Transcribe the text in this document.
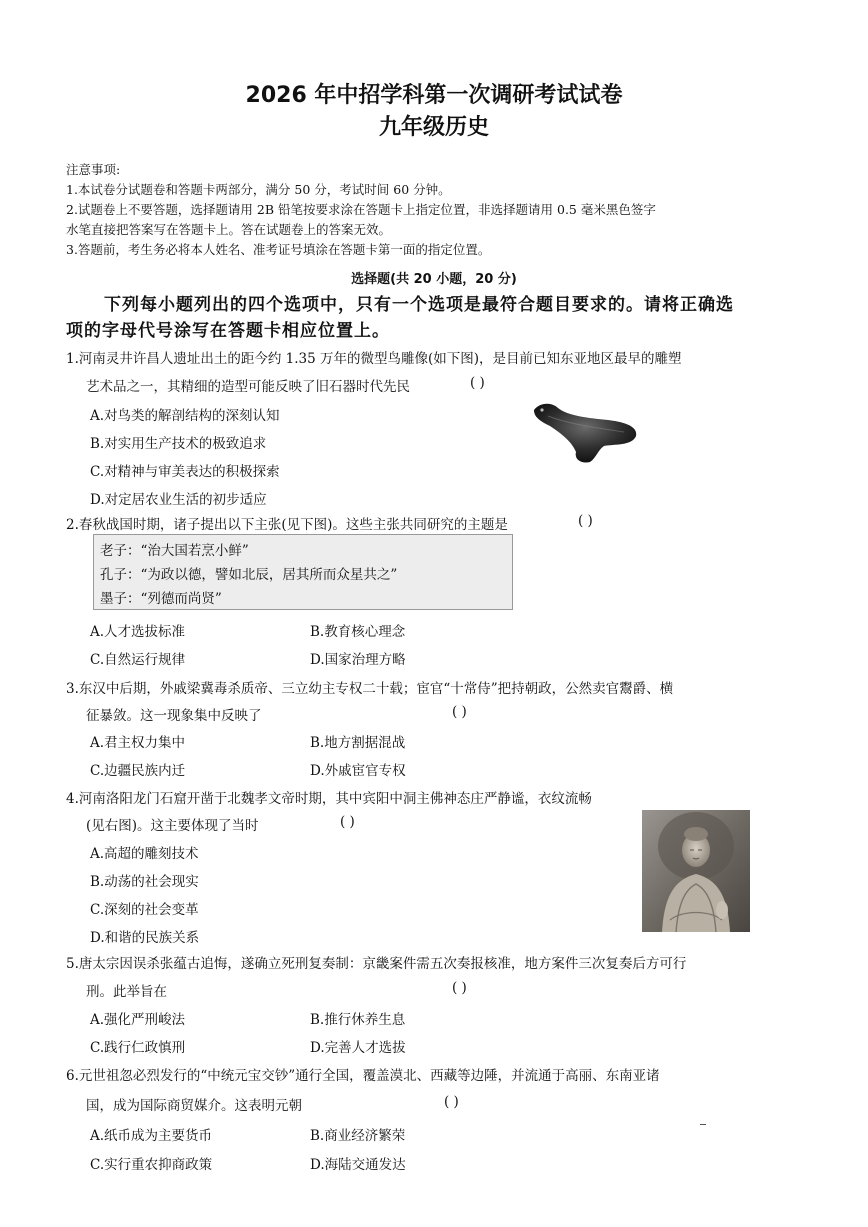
2026 年中招学科第一次调研考试试卷
九年级历史
注意事项:
1.本试卷分试题卷和答题卡两部分，满分 50 分，考试时间 60 分钟。
2.试题卷上不要答题，选择题请用 2B 铅笔按要求涂在答题卡上指定位置，非选择题请用 0.5 毫米黑色签字
水笔直接把答案写在答题卡上。答在试题卷上的答案无效。
3.答题前，考生务必将本人姓名、准考证号填涂在答题卡第一面的指定位置。
选择题(共 20 小题，20 分)
下列每小题列出的四个选项中，只有一个选项是最符合题目要求的。请将正确选
项的字母代号涂写在答题卡相应位置上。
1.河南灵井许昌人遗址出土的距今约 1.35 万年的微型鸟雕像(如下图)，是目前已知东亚地区最早的雕塑
艺术品之一，其精细的造型可能反映了旧石器时代先民	( )
A.对鸟类的解剖结构的深刻认知
B.对实用生产技术的极致追求
C.对精神与审美表达的积极探索
D.对定居农业生活的初步适应
2.春秋战国时期，诸子提出以下主张(见下图)。这些主张共同研究的主题是	( )
老子：“治大国若烹小鲜”
孔子：“为政以德，譬如北辰，居其所而众星共之”
墨子：“列德而尚贤”
A.人才选拔标准	B.教育核心理念
C.自然运行规律	D.国家治理方略
3.东汉中后期，外戚梁冀毒杀质帝、三立幼主专权二十载；宦官“十常侍”把持朝政，公然卖官鬻爵、横
征暴敛。这一现象集中反映了	( )
A.君主权力集中	B.地方割据混战
C.边疆民族内迁	D.外戚宦官专权
4.河南洛阳龙门石窟开凿于北魏孝文帝时期，其中宾阳中洞主佛神态庄严静谧，衣纹流畅
(见右图)。这主要体现了当时	( )
A.高超的雕刻技术
B.动荡的社会现实
C.深刻的社会变革
D.和谐的民族关系
5.唐太宗因误杀张蕴古追悔，遂确立死刑复奏制：京畿案件需五次奏报核准，地方案件三次复奏后方可行
刑。此举旨在	( )
A.强化严刑峻法	B.推行休养生息
C.践行仁政慎刑	D.完善人才选拔
6.元世祖忽必烈发行的“中统元宝交钞”通行全国，覆盖漠北、西藏等边陲，并流通于高丽、东南亚诸
国，成为国际商贸媒介。这表明元朝	( )
A.纸币成为主要货币	B.商业经济繁荣
C.实行重农抑商政策	D.海陆交通发达
